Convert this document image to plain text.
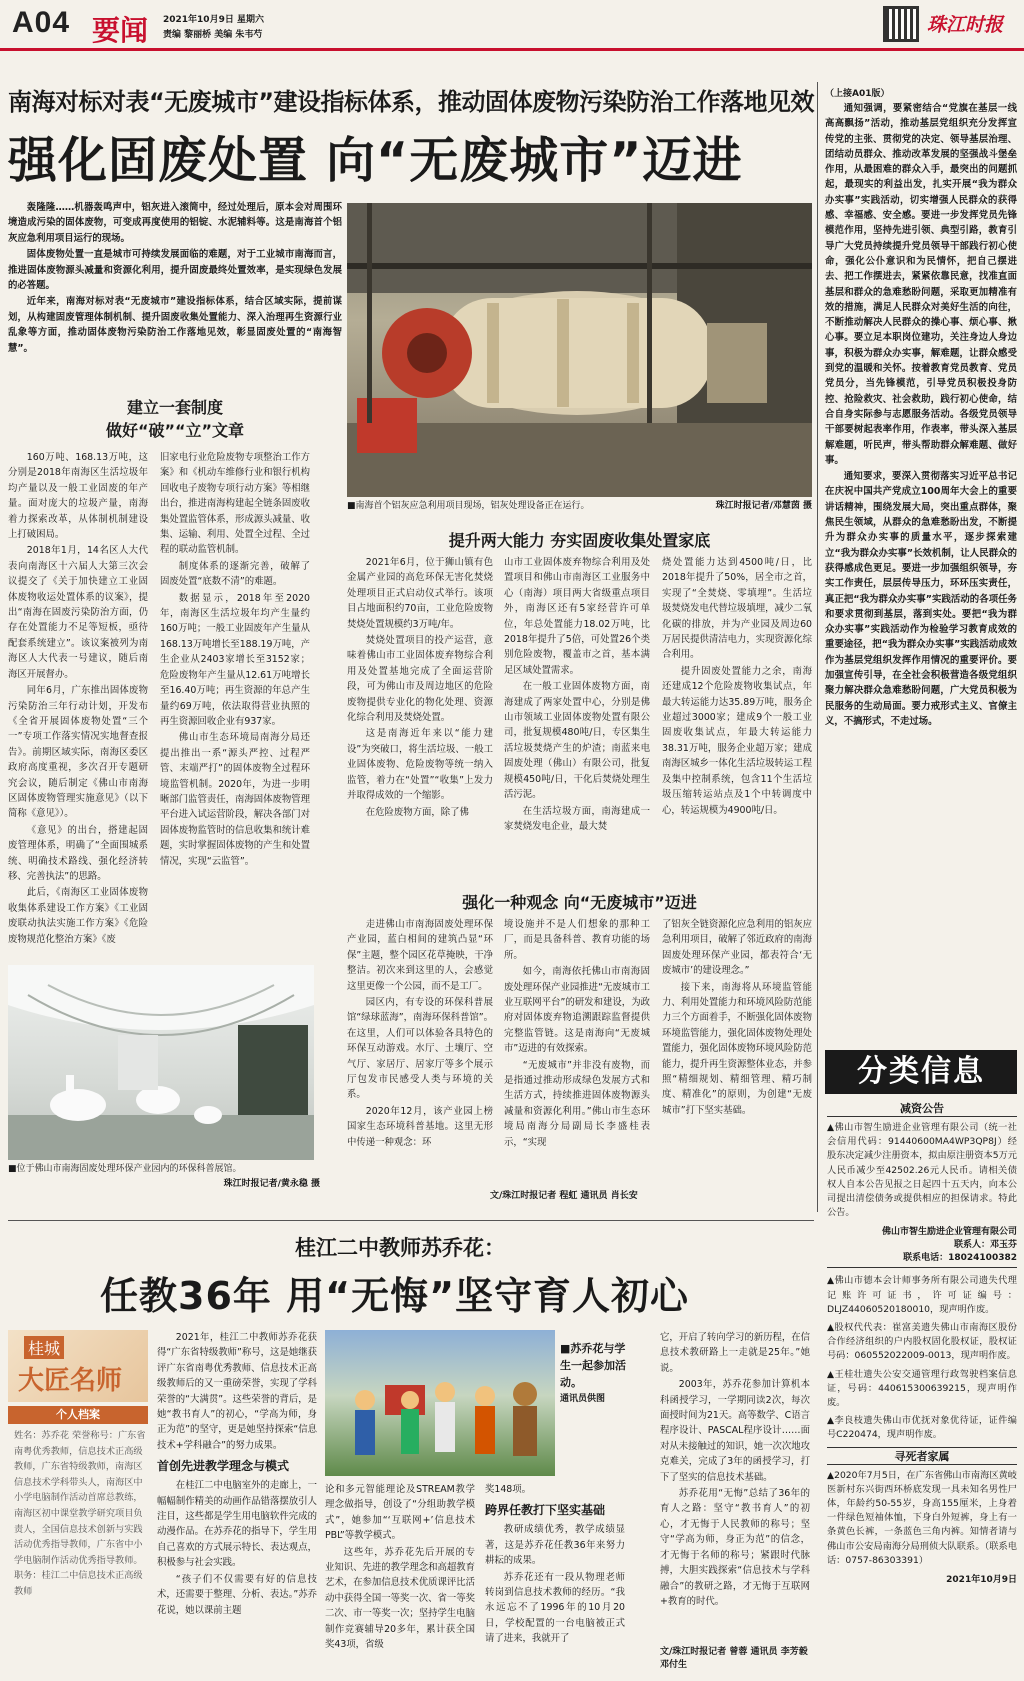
A04 要闻 2021年10月9日 星期六
责编 黎丽桥 美编 朱韦芍	珠江时报
南海对标对表“无废城市”建设指标体系，推动固体废物污染防治工作落地见效
强化固废处置 向“无废城市”迈进

轰隆隆……机器轰鸣声中，铝灰进入滚筒中，经过处理后，原本会对周围环境造成污染的固体废物，可变成再度使用的铝锭、水泥辅料等。这是南海首个铝灰应急利用项目运行的现场。

固体废物处置一直是城市可持续发展面临的难题，对于工业城市南海而言，推进固体废物源头减量和资源化利用，提升固废最终处置效率，是实现绿色发展的必答题。

近年来，南海对标对表“无废城市”建设指标体系，结合区域实际，提前谋划，从构建固废管理体制机制、提升固废收集处置能力、深入治理再生资源行业乱象等方面，推动固体废物污染防治工作落地见效，彰显固废处置的“南海智慧”。

■南海首个铝灰应急利用项目现场，铝灰处理设备正在运行。	珠江时报记者/邓慧茵 摄
建立一套制度
做好“破”“立”文章

160万吨、168.13万吨，这分别是2018年南海区生活垃圾年均产量以及一般工业固废的年产量。面对庞大的垃圾产量，南海着力探索改革，从体制机制建设上打破困局。

2018年1月，14名区人大代表向南海区十六届人大第三次会议提交了《关于加快建立工业固体废物收运处置体系的议案》，提出“南海在固废污染防治方面，仍存在处置能力不足等短板，亟待配套系统建立”。该议案被列为南海区人大代表一号建议，随后南海区开展督办。

同年6月，广东推出固体废物污染防治三年行动计划，开发布《全省开展固体废物处置“三个一”专项工作落实情况实地督查报告》。前期区域实际，南海区委区政府高度重视，多次召开专题研究会议，随后制定《佛山市南海区固体废物管理实施意见》（以下简称《意见》）。

《意见》的出台，搭建起固废管理体系，明确了“全面围城系统、明确技术路线、强化经济转移、完善执法”的思路。

此后，《南海区工业固体废物收集体系建设工作方案》《工业固废联动执法实施工作方案》《危险废物规范化整治方案》《废

旧家电行业危险废物专项整治工作方案》和《机动车维修行业和银行机构回收电子废物专项行动方案》等相继出台，推进南海构建起全链条固废收集处置监管体系，形成源头减量、收集、运输、利用、处置全过程、全过程的联动监管机制。

制度体系的逐渐完善，破解了固废处置“底数不清”的难题。

数据显示，2018年至2020年，南海区生活垃圾年均产生量约160万吨；一般工业固废年产生量从168.13万吨增长至188.19万吨，产生企业从2403家增长至3152家；危险废物年产生量从12.61万吨增长至16.40万吨；再生资源的年总产生量约69万吨，依法取得营业执照的再生资源回收企业有937家。

佛山市生态环境局南海分局还提出推出一系“源头严控、过程严管、末端严打”的固体废物全过程环境监管机制。2020年，为进一步明晰部门监管责任，南海固体废物管理平台进入试运营阶段，解决各部门对固体废物监管时的信息收集和统计难题，实时掌握固体废物的产生和处置情况，实现“云监管”。

提升两大能力 夯实固废收集处置家底

2021年6月，位于狮山镇有色金属产业园的高危环保无害化焚烧处理项目正式启动仪式举行。该项目占地面积约70亩，工业危险废物焚烧处置规模约3万吨/年。

焚烧处置项目的投产运营，意味着佛山市工业固体废弃物综合利用及处置基地完成了全面运营阶段，可为佛山市及周边地区的危险废物提供专业化的物化处理、资源化综合利用及焚烧处置。

这是南海近年来以“能力建设”为突破口，将生活垃圾、一般工业固体废物、危险废物等统一纳入监管，着力在“处置”“收集”上发力并取得成效的一个缩影。

在危险废物方面，除了佛

山市工业固体废弃物综合利用及处置项目和佛山市南海区工业服务中心（南海）项目两大省级重点项目外，南海区还有5家经营许可单位，年总处置能力18.02万吨，比2018年提升了5倍，可处置26个类别危险废物，覆盖市之首，基本满足区域处置需求。

在一般工业固体废物方面，南海建成了两家处置中心，分别是佛山市领域工业固体废物处置有限公司，批复规模480吨/日，专区集生活垃圾焚烧产生的炉渣；南蓝来电固废处理（佛山）有限公司，批复规模450吨/日，干化后焚烧处理生活污泥。

在生活垃圾方面，南海建成一家焚烧发电企业，最大焚

烧处置能力达到4500吨/日，比2018年提升了50%，居全市之首，实现了“全焚烧、零填埋”。生活垃圾焚烧发电代替垃圾填埋，减少二氧化碳的排放，并为产业园及周边60万居民提供清洁电力，实现资源化综合利用。

提升固废处置能力之余，南海还建成12个危险废物收集试点，年最大转运能力达35.89万吨，服务企业超过3000家；建成9个一般工业固废收集试点，年最大转运能力38.31万吨，服务企业超万家；建成南海区城乡一体化生活垃圾转运工程及集中控制系统，包含11个生活垃圾压缩转运站点及1个中转调度中心，转运规模为4900吨/日。

强化一种观念 向“无废城市”迈进
■位于佛山市南海固废处理环保产业园内的环保科普展馆。
珠江时报记者/黄永稳 摄

走进佛山市南海固废处理环保产业园，蓝白相间的建筑凸显“环保”主题，整个园区花草掩映，干净整洁。初次来到这里的人，会感觉这里更像一个公园，而不是工厂。

园区内，有专设的环保科普展馆“绿球蓝海”，南海环保科普馆”。在这里，人们可以体验各具特色的环保互动游戏。水厅、土壤厅、空气厅、家居厅、居家厅等多个展示厅包发市民感受人类与环境的关系。

2020年12月，该产业园上榜国家生态环境科普基地。这里无形中传递一种观念：环

境设施并不是人们想象的那种工厂，而是具备科普、教育功能的场所。

如今，南海依托佛山市南海固废处理环保产业园推进“无废城市工业互联网平台”的研发和建设，为政府对固体废弃物追溯跟踪监督提供完整监管链。这是南海向“无废城市”迈进的有效探索。

“无废城市”并非没有废物，而是指通过推动形成绿色发展方式和生活方式，持续推进固体废物源头减量和资源化利用。”佛山市生态环境局南海分局副局长李盛桂表示，“实现

了铝灰全链资源化应急利用的铝灰应急利用项目，破解了邻近政府的南海固废处理环保产业园，都表符合‘无废城市’的建设理念。”

接下来，南海将从环境监管能力、利用处置能力和环境风险防范能力三个方面着手，不断强化固体废物环境监管能力，强化固体废物处理处置能力，强化固体废物环境风险防范能力，提升再生资源整体业态，并参照“精细规划、精细管理、精巧制度、精准化”的原则，为创建“无废城市”打下坚实基础。

文/珠江时报记者 程虹 通讯员 肖长安
（上接A01版）

通知强调，要紧密结合“党旗在基层一线高高飘扬”活动，推动基层党组织充分发挥宣传党的主张、贯彻党的决定、领导基层治理、团结动员群众、推动改革发展的坚强战斗堡垒作用，从最困难的群众入手，最突出的问题抓起，最现实的利益出发，扎实开展“我为群众办实事”实践活动，切实增强人民群众的获得感、幸福感、安全感。要进一步发挥党员先锋模范作用，坚持先进引领、典型引路，教育引导广大党员持续提升党员领导干部践行初心使命，强化公仆意识和为民情怀，把自己摆进去、把工作摆进去，紧紧依靠民意，找准直面基层和群众的急难愁盼问题，采取更加精准有效的措施，满足人民群众对美好生活的向往，不断推动解决人民群众的操心事、烦心事、揪心事。要立足本职岗位建功，关注身边人身边事，积极为群众办实事，解难题，让群众感受到党的温暖和关怀。按着教育党员教育、党员党员分，当先锋模范，引导党员积极投身防控、抢险救灾、社会救助，践行初心使命，结合自身实际参与志愿服务活动。各级党员领导干部要树起表率作用，作表率，带头深入基层解难题，听民声，带头帮助群众解难题、做好事。

通知要求，要深入贯彻落实习近平总书记在庆祝中国共产党成立100周年大会上的重要讲话精神，围绕发展大局，突出重点群体，聚焦民生领域，从群众的急难愁盼出发，不断提升为群众办实事的质量水平，逐步探索建立“我为群众办实事”长效机制，让人民群众的获得感成色更足。要进一步加强组织领导，夯实工作责任，层层传导压力，环环压实责任，真正把“我为群众办实事”实践活动的各项任务和要求贯彻到基层，落到实处。要把“我为群众办实事”实践活动作为检验学习教育成效的重要途径，把“我为群众办实事”实践活动成效作为基层党组织发挥作用情况的重要评价。要加强宣传引导，在全社会积极营造各级党组织聚力解决群众急难愁盼问题，广大党员积极为民服务的生动局面。要力戒形式主义、官僚主义，不搞形式，不走过场。

分类信息
减资公告

▲佛山市智生励进企业管理有限公司（统一社会信用代码：91440600MA4WP3QP8J）经股东决定减少注册资本，拟由原注册资本5万元人民币减少至42502.26元人民币。请相关债权人自本公告见报之日起四十五天内，向本公司提出清偿债务或提供相应的担保请求。特此公告。

佛山市智生励进企业管理有限公司
联系人：邓玉芬
联系电话：18024100382

▲佛山市德本会计师事务所有限公司遗失代理记账许可证书，许可证编号：DLJZ44060520180010，现声明作废。

▲股权代代表：崔富美遗失佛山市南海区股份合作经济组织的户内股权固化股权证，股权证号码：060552022009-0013，现声明作废。

▲王桂壮遗失公安交通管理行政驾驶档案信息证，号码：440615300639215，现声明作废。

▲李良枝遗失佛山市优抚对象优待证，证件编号C220474，现声明作废。

寻死者家属

▲2020年7月5日，在广东省佛山市南海区黄岐医新村东兴街西环桥底发现一具未知名男性尸体，年龄约50-55岁，身高155厘米，上身着一件绿色短袖体恤，下身白外短裤，身上有一条黄色长裤，一条蓝色三角内裤。知情者请与佛山市公安局南海分局刑侦大队联系。（联系电话：0757-86303391）

2021年10月9日
桂江二中教师苏乔花：
任教36年 用“无悔”坚守育人初心
桂城
大匠名师
个人档案
姓名：苏乔花 荣誉称号：广东省南粤优秀教师，信息技术正高级教师，广东省特级教师，南海区信息技术学科带头人，南海区中小学电脑制作活动首席总教练，南海区初中课堂教学研究项目负责人，全国信息技术创新与实践活动优秀指导教师，广东省中小学电脑制作活动优秀指导教师。 职务：桂江二中信息技术正高级教师

2021年，桂江二中教师苏乔花获得“广东省特级教师”称号，这是她继获评广东省南粤优秀教师、信息技术正高级教师后的又一重磅荣誉，实现了学科荣誉的“大满贯”。这些荣誉的背后，是她“教书育人”的初心，“学高为师，身正为范”的坚守，更是她坚持探索“信息技术+学科融合”的努力成果。

首创先进教学理念与模式

在桂江二中电脑室外的走廊上，一幅幅制作精美的动画作品错落摆放引人注目，这些都是学生用电脑软件完成的动漫作品。在苏乔花的指导下，学生用自己喜欢的方式展示特长、表达观点，积极参与社会实践。

“孩子们不仅需要有好的信息技术，还需要于整理、分析、表达。”苏乔花说，她以课前主题

■苏乔花与学生一起参加活动。
通讯员供图

论和多元智能理论及STREAM教学理念做指导，创设了“分组助教学模式”，她参加“‘互联网+’信息技术PBL”等教学模式。

这些年，苏乔花先后开展的专业知识、先进的教学理念和高超教育艺术，在参加信息技术优质课评比活动中获得全国一等奖一次、省一等奖二次、市一等奖一次；坚持学生电脑制作竞赛辅导20多年，累计获全国奖43项，省级

奖148项。

跨界任教打下坚实基础

教研成绩优秀，教学成绩显著，这是苏乔花任教36年来努力耕耘的成果。

苏乔花还有一段从物理老师转岗到信息技术教师的经历。“我永远忘不了1996年的10月20日，学校配置的一台电脑被正式请了进来，我就开了

它，开启了转向学习的新历程，在信息技术教研路上一走就是25年。”她说。

2003年，苏乔花参加计算机本科函授学习，一学期同读2次，每次面授时间为21天。高等数学、C语言程序设计、PASCAL程序设计……面对从未接触过的知识，她一次次地攻克难关，完成了3年的函授学习，打下了坚实的信息技术基础。

苏乔花用“无悔”总结了36年的育人之路：坚守“教书育人”的初心，才无悔于人民教师的称号；坚守“学高为师，身正为范”的信念，才无悔于名师的称号；紧跟时代脉搏，大胆实践探索“信息技术与学科融合”的教研之路，才无悔于互联网+教育的时代。

文/珠江时报记者 曾蓉 通讯员 李芳毅 邓付生
